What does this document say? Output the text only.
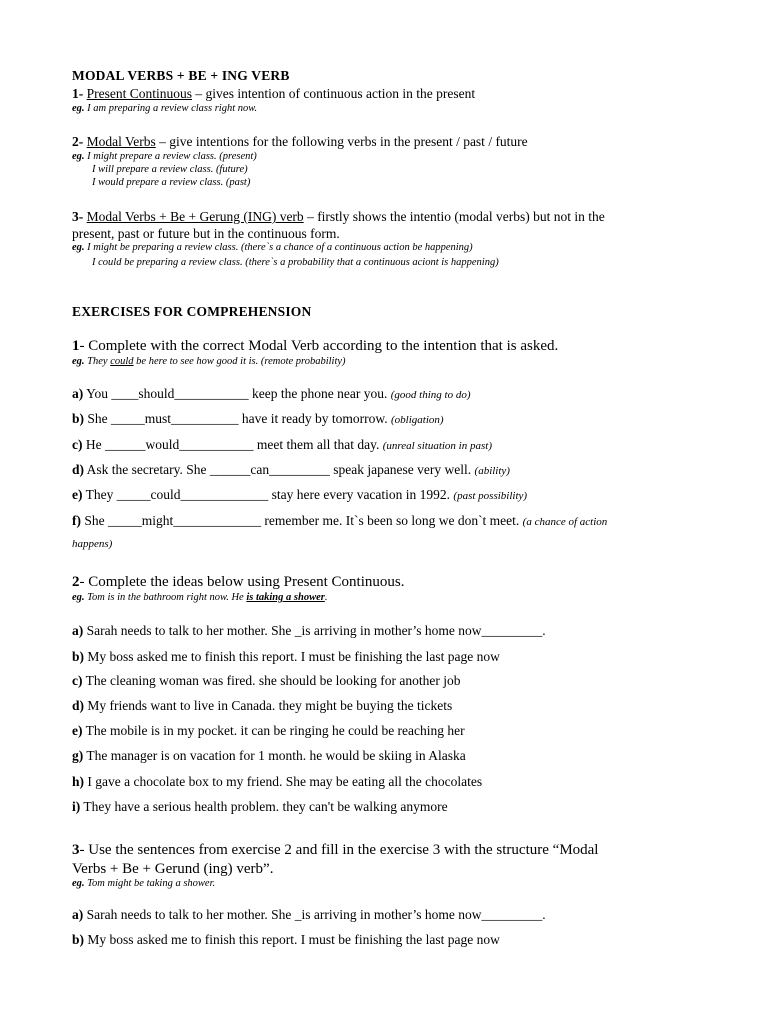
MODAL VERBS + BE + ING VERB
1- Present Continuous – gives intention of continuous action in the present
eg. I am preparing a review class right now.
2- Modal Verbs – give intentions for the following verbs in the present / past / future
eg. I might prepare a review class. (present)
I will prepare a review class. (future)
I would prepare a review class. (past)
3- Modal Verbs + Be + Gerung (ING) verb – firstly shows the intentio (modal verbs) but not in the
present, past or future but in the continuous form.
eg. I might be preparing a review class. (there`s a chance of a continuous action be happening)
I could be preparing a review class. (there`s a probability that a continuous aciont is happening)
EXERCISES FOR COMPREHENSION
1- Complete with the correct Modal Verb according to the intention that is asked.
eg. They could be here to see how good it is. (remote probability)
a) You ____should___________ keep the phone near you. (good thing to do)
b) She _____must__________ have it ready by tomorrow. (obligation)
c) He ______would___________ meet them all that day. (unreal situation in past)
d) Ask the secretary. She ______can_________ speak japanese very well. (ability)
e) They _____could_____________ stay here every vacation in 1992. (past possibility)
f) She _____might_____________ remember me. It`s been so long we don`t meet. (a chance of action
happens)
2- Complete the ideas below using Present Continuous.
eg. Tom is in the bathroom right now. He is taking a shower.
a) Sarah needs to talk to her mother. She _is arriving in mother’s home now_________.
b) My boss asked me to finish this report. I must be finishing the last page now
c) The cleaning woman was fired. she should be looking for another job
d) My friends want to live in Canada. they might be buying the tickets
e) The mobile is in my pocket. it can be ringing he could be reaching her
g) The manager is on vacation for 1 month. he would be skiing in Alaska
h) I gave a chocolate box to my friend. She may be eating all the chocolates
i) They have a serious health problem. they can't be walking anymore
3- Use the sentences from exercise 2 and fill in the exercise 3 with the structure “Modal
Verbs + Be + Gerund (ing) verb”.
eg. Tom might be taking a shower.
a) Sarah needs to talk to her mother. She _is arriving in mother’s home now_________.
b) My boss asked me to finish this report. I must be finishing the last page now
